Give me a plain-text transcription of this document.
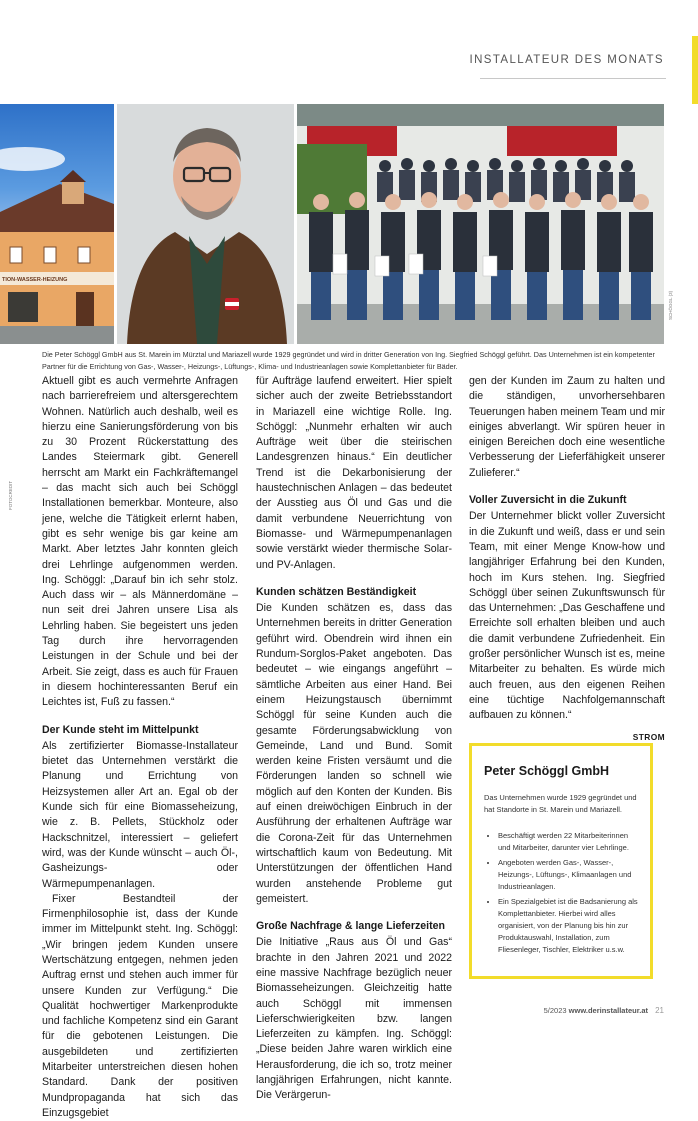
INSTALLATEUR DES MONATS
TION-WASSER-HEIZUNG
SCHÖGGL (3)
FOTOCREDIT
Die Peter Schöggl GmbH aus St. Marein im Mürztal und Mariazell wurde 1929 gegründet und wird in dritter Generation von Ing. Siegfried Schöggl geführt. Das Unternehmen ist ein kompetenter Partner für die Errichtung von Gas-, Wasser-, Heizungs-, Lüftungs-, Klima- und Industrieanlagen sowie Komplettanbieter für Bäder.

Aktuell gibt es auch vermehrte Anfragen nach barrierefreiem und altersgerechtem Wohnen. Natürlich auch deshalb, weil es hierzu eine Sanierungsförderung von bis zu 30 Prozent Rückerstattung des Landes Steiermark gibt. Generell herrscht am Markt ein Fachkräftemangel – das macht sich auch bei Schöggl Installationen bemerkbar. Monteure, also jene, welche die Tätigkeit erlernt haben, gibt es sehr wenige bis gar keine am Markt. Aber letztes Jahr konnten gleich drei Lehrlinge aufgenommen werden. Ing. Schöggl: „Darauf bin ich sehr stolz. Auch dass wir – als Männerdomäne – nun seit drei Jahren unsere Lisa als Lehrling haben. Sie begeistert uns jeden Tag durch ihre hervorragenden Leistungen in der Schule und bei der Arbeit. Sie zeigt, dass es auch für Frauen in diesem hochinteressanten Beruf ein Leichtes ist, Fuß zu fassen.“

Der Kunde steht im Mittelpunkt

Als zertifizierter Biomasse-Installateur bietet das Unternehmen verstärkt die Planung und Errichtung von Heizsystemen aller Art an. Egal ob der Kunde sich für eine Biomasseheizung, wie z. B. Pellets, Stückholz oder Hackschnitzel, interessiert – geliefert wird, was der Kunde wünscht – auch Öl-, Gasheizungs- oder Wärmepumpenanlagen.

Fixer Bestandteil der Firmenphilosophie ist, dass der Kunde immer im Mittelpunkt steht. Ing. Schöggl: „Wir bringen jedem Kunden unsere Wertschätzung entgegen, nehmen jeden Auftrag ernst und stehen auch immer für unsere Kunden zur Verfügung.“ Die Qualität hochwertiger Markenprodukte und fachliche Kompetenz sind ein Garant für die gebotenen Leistungen. Die ausgebildeten und zertifizierten Mitarbeiter unterstreichen diesen hohen Standard. Dank der positiven Mundpropaganda hat sich das Einzugsgebiet

für Aufträge laufend erweitert. Hier spielt sicher auch der zweite Betriebsstandort in Mariazell eine wichtige Rolle. Ing. Schöggl: „Nunmehr erhalten wir auch Aufträge weit über die steirischen Landesgrenzen hinaus.“ Ein deutlicher Trend ist die Dekarbonisierung der haustechnischen Anlagen – das bedeutet der Ausstieg aus Öl und Gas und die damit verbundene Neuerrichtung von Biomasse- und Wärmepumpenanlagen sowie verstärkt wieder thermische Solar- und PV-Anlagen.

Kunden schätzen Beständigkeit

Die Kunden schätzen es, dass das Unternehmen bereits in dritter Generation geführt wird. Obendrein wird ihnen ein Rundum-Sorglos-Paket angeboten. Das bedeutet – wie eingangs angeführt – sämtliche Arbeiten aus einer Hand. Bei einem Heizungstausch übernimmt Schöggl für seine Kunden auch die gesamte Förderungsabwicklung von Gemeinde, Land und Bund. Somit werden keine Fristen versäumt und die Förderungen landen so schnell wie möglich auf den Konten der Kunden. Bis auf einen dreiwöchigen Einbruch in der Ausführung der erhaltenen Aufträge war die Corona-Zeit für das Unternehmen wirtschaftlich kaum von Bedeutung. Mit Unterstützungen der öffentlichen Hand wurden anstehende Probleme gut gemeistert.

Große Nachfrage & lange Lieferzeiten

Die Initiative „Raus aus Öl und Gas“ brachte in den Jahren 2021 und 2022 eine massive Nachfrage bezüglich neuer Biomasseheizungen. Gleichzeitig hatte auch Schöggl mit immensen Lieferschwierigkeiten bzw. langen Lieferzeiten zu kämpfen. Ing. Schöggl: „Diese beiden Jahre waren wirklich eine Herausforderung, die ich so, trotz meiner langjährigen Erfahrungen, nicht kannte. Die Verärgerun-

gen der Kunden im Zaum zu halten und die ständigen, unvorhersehbaren Teuerungen haben meinem Team und mir einiges abverlangt. Wir spüren heuer in einigen Bereichen doch eine wesentliche Verbesserung der Lieferfähigkeit unserer Zulieferer.“

Voller Zuversicht in die Zukunft

Der Unternehmer blickt voller Zuversicht in die Zukunft und weiß, dass er und sein Team, mit einer Menge Know-how und langjähriger Erfahrung bei den Kunden, hoch im Kurs stehen. Ing. Siegfried Schöggl über seinen Zukunftswunsch für das Unternehmen: „Das Geschaffene und Erreichte soll erhalten bleiben und auch die damit verbundene Zufriedenheit. Ein großer persönlicher Wunsch ist es, meine Mitarbeiter zu behalten. Es würde mich auch freuen, aus den eigenen Reihen eine tüchtige Nachfolgemannschaft aufbauen zu können.“

STROM
Peter Schöggl GmbH

Das Unternehmen wurde 1929 gegründet und hat Standorte in St. Marein und Mariazell.

• Beschäftigt werden 22 Mitarbeiterinnen und Mitarbeiter, darunter vier Lehrlinge.
• Angeboten werden Gas-, Wasser-, Heizungs-, Lüftungs-, Klimaanlagen und Industrieanlagen.
• Ein Spezialgebiet ist die Badsanierung als Komplettanbieter. Hierbei wird alles organisiert, von der Planung bis hin zur Produktauswahl, Installation, zum Fliesenleger, Tischler, Elektriker u.s.w.
5/2023 www.derinstallateur.at 21
